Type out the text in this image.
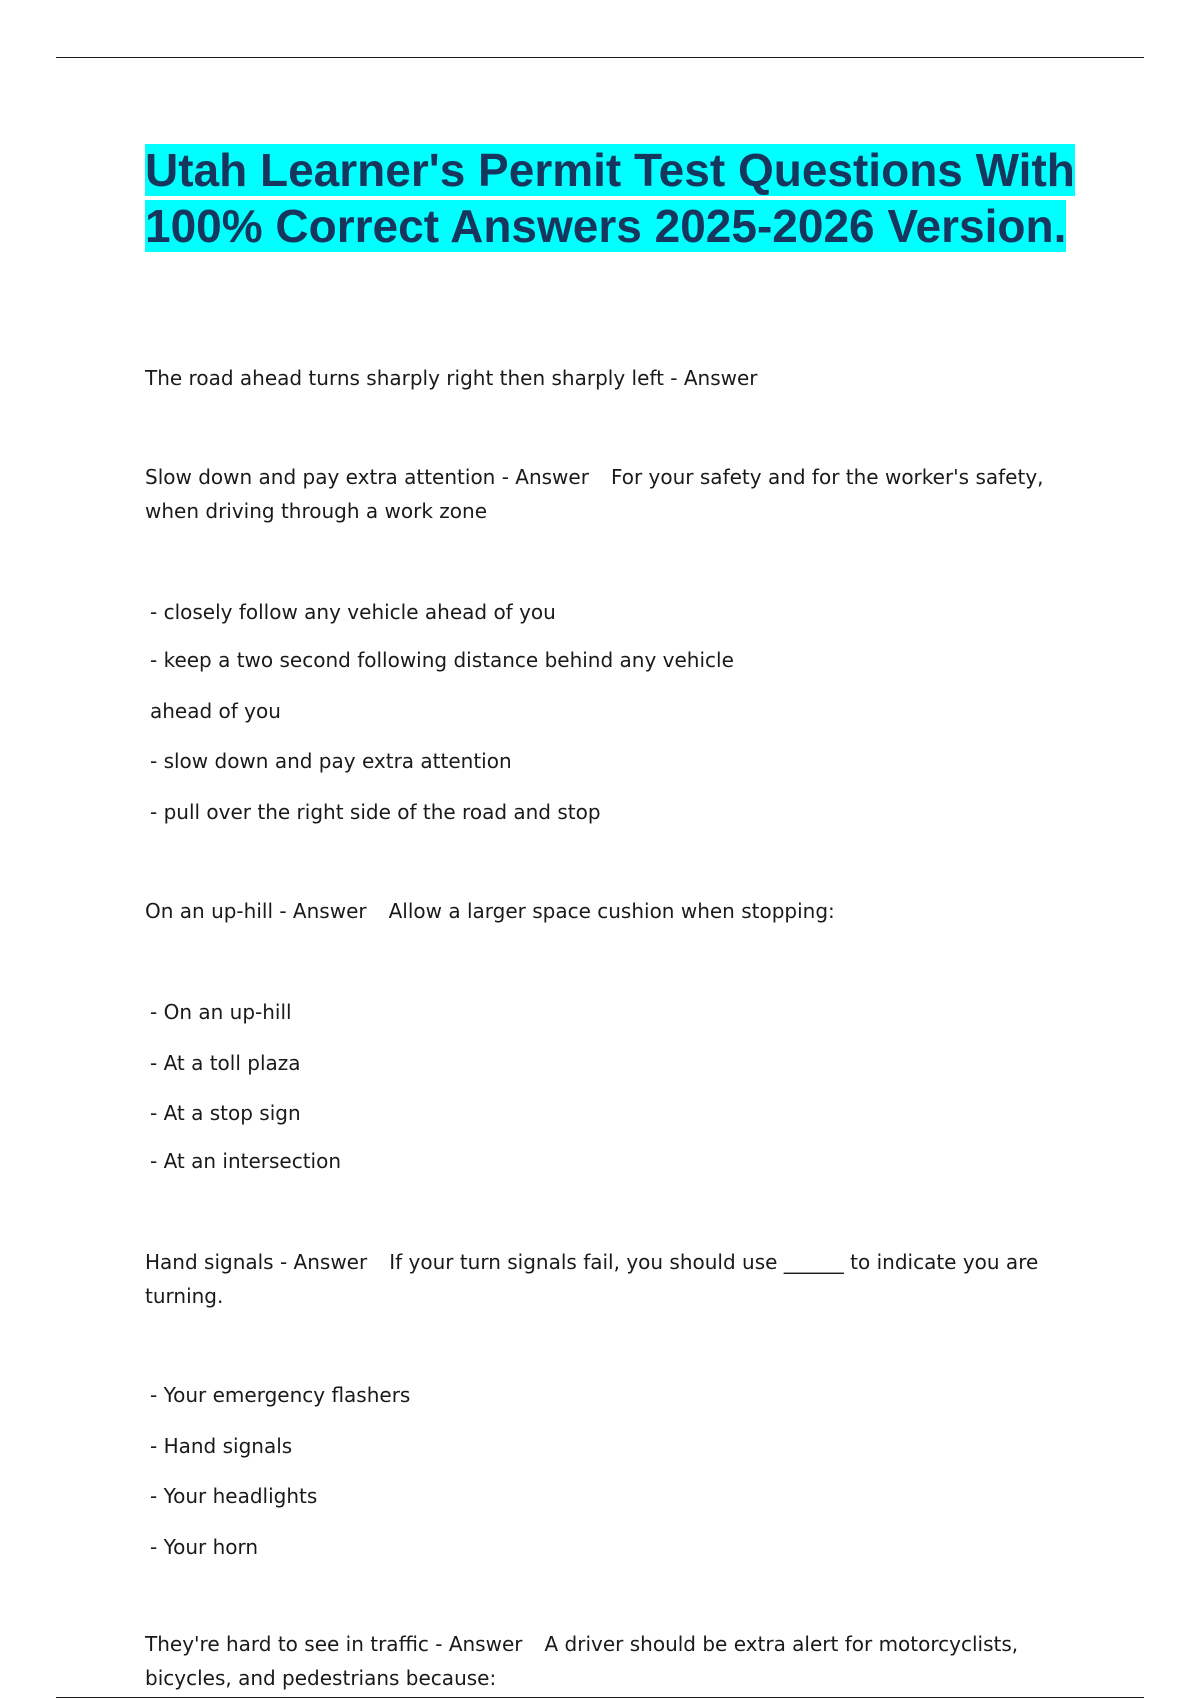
Utah Learner's Permit Test Questions With 100% Correct Answers 2025-2026 Version.

The road ahead turns sharply right then sharply left - Answer

Slow down and pay extra attention - Answer For your safety and for the worker's safety, when driving through a work zone

- closely follow any vehicle ahead of you

- keep a two second following distance behind any vehicle

ahead of you

- slow down and pay extra attention

- pull over the right side of the road and stop

On an up-hill - Answer Allow a larger space cushion when stopping:

- On an up-hill

- At a toll plaza

- At a stop sign

- At an intersection

Hand signals - Answer If your turn signals fail, you should use ______ to indicate you are turning.

- Your emergency flashers

- Hand signals

- Your headlights

- Your horn

They're hard to see in traffic - Answer A driver should be extra alert for motorcyclists, bicycles, and pedestrians because:
